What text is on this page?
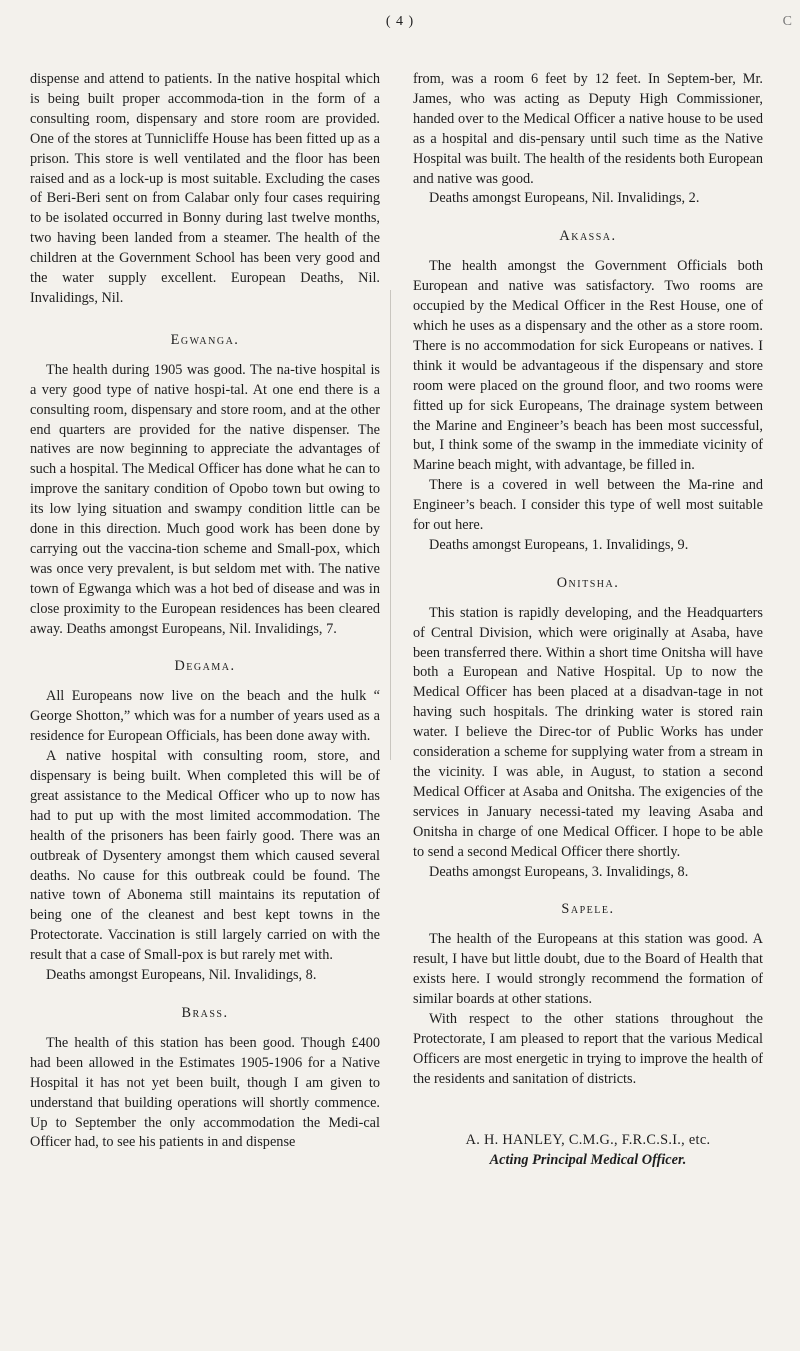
( 4 )	C

dispense and attend to patients. In the native hospital which is being built proper accommoda-tion in the form of a consulting room, dispensary and store room are provided. One of the stores at Tunnicliffe House has been fitted up as a prison. This store is well ventilated and the floor has been raised and as a lock-up is most suitable. Excluding the cases of Beri-Beri sent on from Calabar only four cases requiring to be isolated occurred in Bonny during last twelve months, two having been landed from a steamer. The health of the children at the Government School has been very good and the water supply excellent. European Deaths, Nil. Invalidings, Nil.

Egwanga.

The health during 1905 was good. The na-tive hospital is a very good type of native hospi-tal. At one end there is a consulting room, dispensary and store room, and at the other end quarters are provided for the native dispenser. The natives are now beginning to appreciate the advantages of such a hospital. The Medical Officer has done what he can to improve the sanitary condition of Opobo town but owing to its low lying situation and swampy condition little can be done in this direction. Much good work has been done by carrying out the vaccina-tion scheme and Small-pox, which was once very prevalent, is but seldom met with. The native town of Egwanga which was a hot bed of disease and was in close proximity to the European residences has been cleared away. Deaths amongst Europeans, Nil. Invalidings, 7.

Degama.

All Europeans now live on the beach and the hulk “ George Shotton,” which was for a number of years used as a residence for European Officials, has been done away with.

A native hospital with consulting room, store, and dispensary is being built. When completed this will be of great assistance to the Medical Officer who up to now has had to put up with the most limited accommodation. The health of the prisoners has been fairly good. There was an outbreak of Dysentery amongst them which caused several deaths. No cause for this outbreak could be found. The native town of Abonema still maintains its reputation of being one of the cleanest and best kept towns in the Protectorate. Vaccination is still largely carried on with the result that a case of Small-pox is but rarely met with.

Deaths amongst Europeans, Nil. Invalidings, 8.

Brass.

The health of this station has been good. Though £400 had been allowed in the Estimates 1905-1906 for a Native Hospital it has not yet been built, though I am given to understand that building operations will shortly commence. Up to September the only accommodation the Medi-cal Officer had, to see his patients in and dispense

from, was a room 6 feet by 12 feet. In Septem-ber, Mr. James, who was acting as Deputy High Commissioner, handed over to the Medical Officer a native house to be used as a hospital and dis-pensary until such time as the Native Hospital was built. The health of the residents both European and native was good.

Deaths amongst Europeans, Nil. Invalidings, 2.

Akassa.

The health amongst the Government Officials both European and native was satisfactory. Two rooms are occupied by the Medical Officer in the Rest House, one of which he uses as a dispensary and the other as a store room. There is no accommodation for sick Europeans or natives. I think it would be advantageous if the dispensary and store room were placed on the ground floor, and two rooms were fitted up for sick Europeans, The drainage system between the Marine and Engineer’s beach has been most successful, but, I think some of the swamp in the immediate vicinity of Marine beach might, with advantage, be filled in.

There is a covered in well between the Ma-rine and Engineer’s beach. I consider this type of well most suitable for out here.

Deaths amongst Europeans, 1. Invalidings, 9.

Onitsha.

This station is rapidly developing, and the Headquarters of Central Division, which were originally at Asaba, have been transferred there. Within a short time Onitsha will have both a European and Native Hospital. Up to now the Medical Officer has been placed at a disadvan-tage in not having such hospitals. The drinking water is stored rain water. I believe the Direc-tor of Public Works has under consideration a scheme for supplying water from a stream in the vicinity. I was able, in August, to station a second Medical Officer at Asaba and Onitsha. The exigencies of the services in January necessi-tated my leaving Asaba and Onitsha in charge of one Medical Officer. I hope to be able to send a second Medical Officer there shortly.

Deaths amongst Europeans, 3. Invalidings, 8.

Sapele.

The health of the Europeans at this station was good. A result, I have but little doubt, due to the Board of Health that exists here. I would strongly recommend the formation of similar boards at other stations.

With respect to the other stations throughout the Protectorate, I am pleased to report that the various Medical Officers are most energetic in trying to improve the health of the residents and sanitation of districts.

A. H. HANLEY, C.M.G., F.R.C.S.I., etc.
Acting Principal Medical Officer.
